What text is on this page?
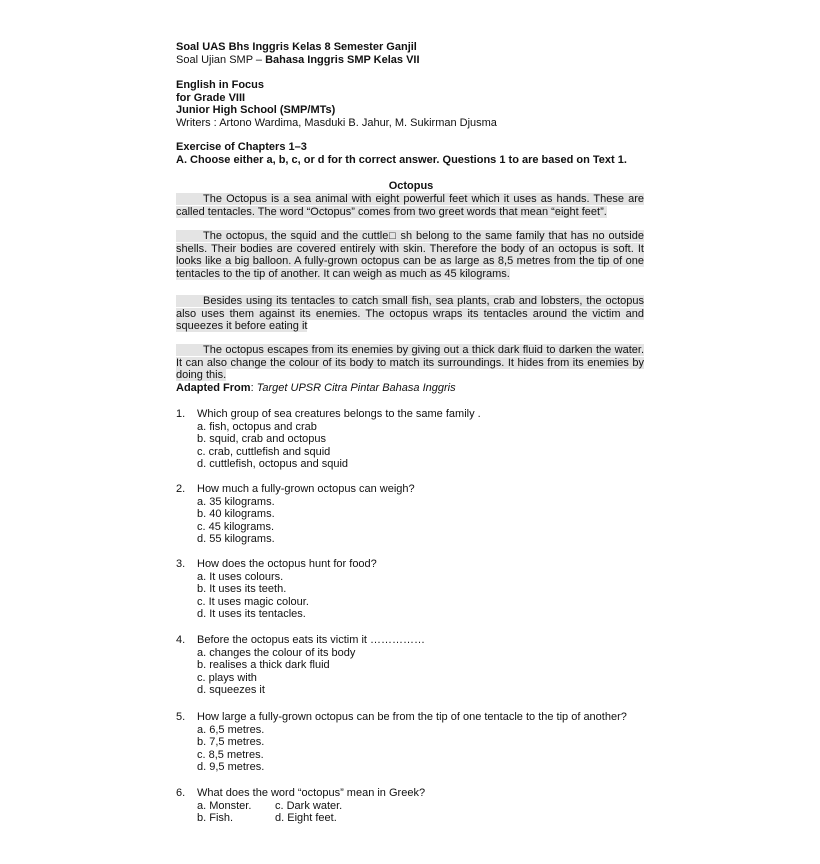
Soal UAS Bhs Inggris Kelas 8 Semester Ganjil
Soal Ujian SMP – Bahasa Inggris SMP Kelas VII
English in Focus
for Grade VIII
Junior High School (SMP/MTs)
Writers : Artono Wardima, Masduki B. Jahur, M. Sukirman Djusma
Exercise of Chapters 1–3
A. Choose either a, b, c, or d for th correct answer. Questions 1 to are based on Text 1.
Octopus
The Octopus is a sea animal with eight powerful feet which it uses as hands. These are called tentacles. The word “Octopus” comes from two greet words that mean “eight feet”.
The octopus, the squid and the cuttle□ sh belong to the same family that has no outside shells. Their bodies are covered entirely with skin. Therefore the body of an octopus is soft. It looks like a big balloon. A fully-grown octopus can be as large as 8,5 metres from the tip of one tentacles to the tip of another. It can weigh as much as 45 kilograms.
Besides using its tentacles to catch small fish, sea plants, crab and lobsters, the octopus also uses them against its enemies. The octopus wraps its tentacles around the victim and squeezes it before eating it
The octopus escapes from its enemies by giving out a thick dark fluid to darken the water. It can also change the colour of its body to match its surroundings. It hides from its enemies by doing this.
Adapted From: Target UPSR Citra Pintar Bahasa Inggris
1. Which group of sea creatures belongs to the same family .
a. fish, octopus and crab
b. squid, crab and octopus
c. crab, cuttlefish and squid
d. cuttlefish, octopus and squid
2. How much a fully-grown octopus can weigh?
a. 35 kilograms.
b. 40 kilograms.
c. 45 kilograms.
d. 55 kilograms.
3. How does the octopus hunt for food?
a. It uses colours.
b. It uses its teeth.
c. It uses magic colour.
d. It uses its tentacles.
4. Before the octopus eats its victim it ……………
a. changes the colour of its body
b. realises a thick dark fluid
c. plays with
d. squeezes it
5. How large a fully-grown octopus can be from the tip of one tentacle to the tip of another?
a. 6,5 metres.
b. 7,5 metres.
c. 8,5 metres.
d. 9,5 metres.
6. What does the word “octopus” mean in Greek?
a. Monster. c. Dark water.
b. Fish.	d. Eight feet.
